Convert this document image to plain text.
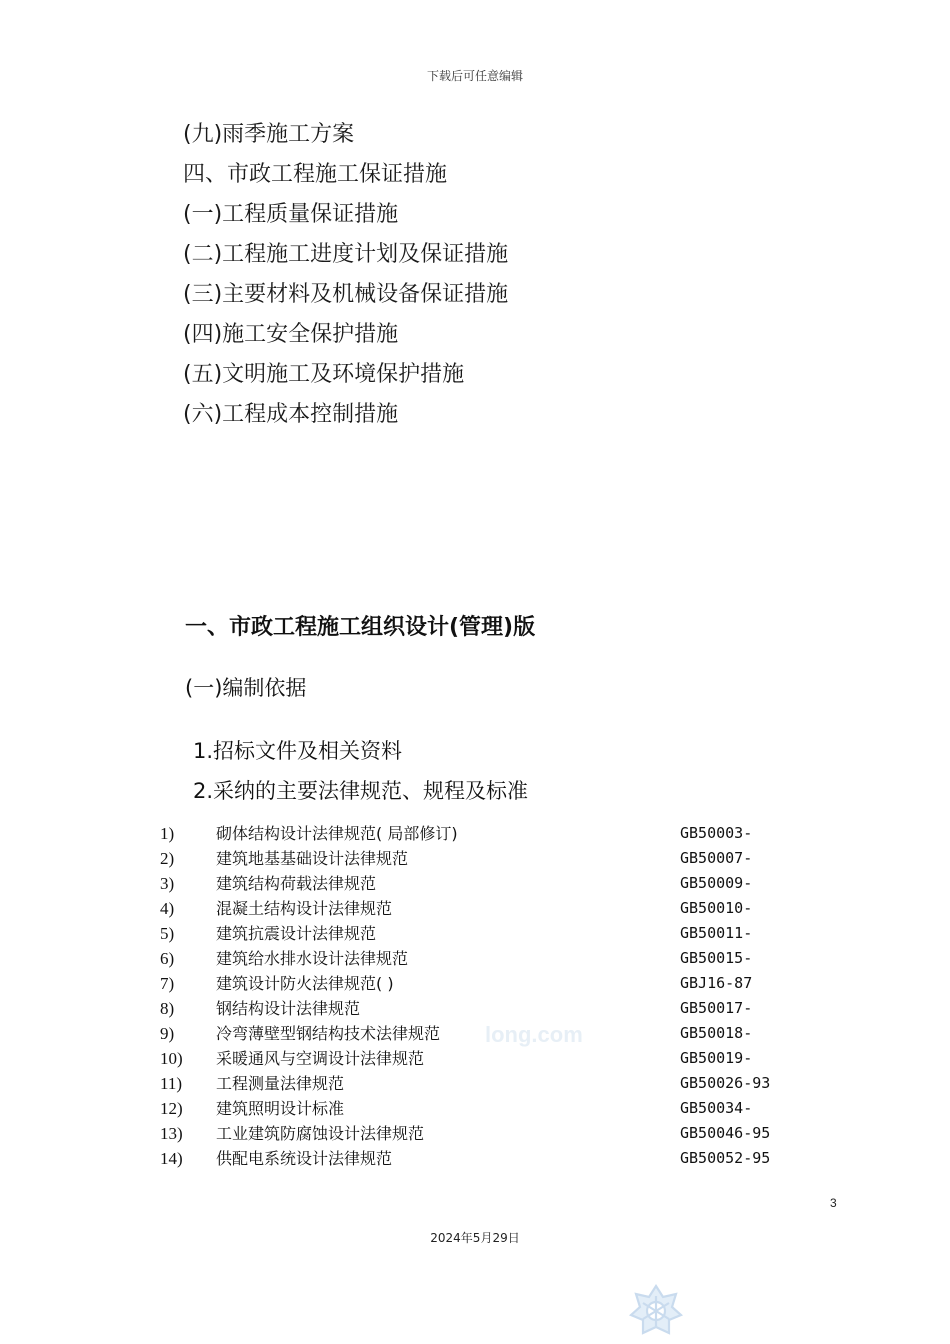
下载后可任意编辑
(九)雨季施工方案
四、市政工程施工保证措施
(一)工程质量保证措施
(二)工程施工进度计划及保证措施
(三)主要材料及机械设备保证措施
(四)施工安全保护措施
(五)文明施工及环境保护措施
(六)工程成本控制措施
一、市政工程施工组织设计(管理)版
(一)编制依据
1.招标文件及相关资料
2.采纳的主要法律规范、规程及标准
1)	砌体结构设计法律规范( 局部修订)	GB50003-
2)	建筑地基基础设计法律规范	GB50007-
3)	建筑结构荷载法律规范	GB50009-
4)	混凝土结构设计法律规范	GB50010-
5)	建筑抗震设计法律规范	GB50011-
6)	建筑给水排水设计法律规范	GB50015-
7)	建筑设计防火法律规范( )	GBJ16-87
8)	钢结构设计法律规范	GB50017-
9)	冷弯薄壁型钢结构技术法律规范	GB50018-
10) 采暖通风与空调设计法律规范	GB50019-
11) 工程测量法律规范	GB50026-93
12) 建筑照明设计标准	GB50034-
13) 工业建筑防腐蚀设计法律规范	GB50046-95
14) 供配电系统设计法律规范	GB50052-95
long.com
3
2024年5月29日
